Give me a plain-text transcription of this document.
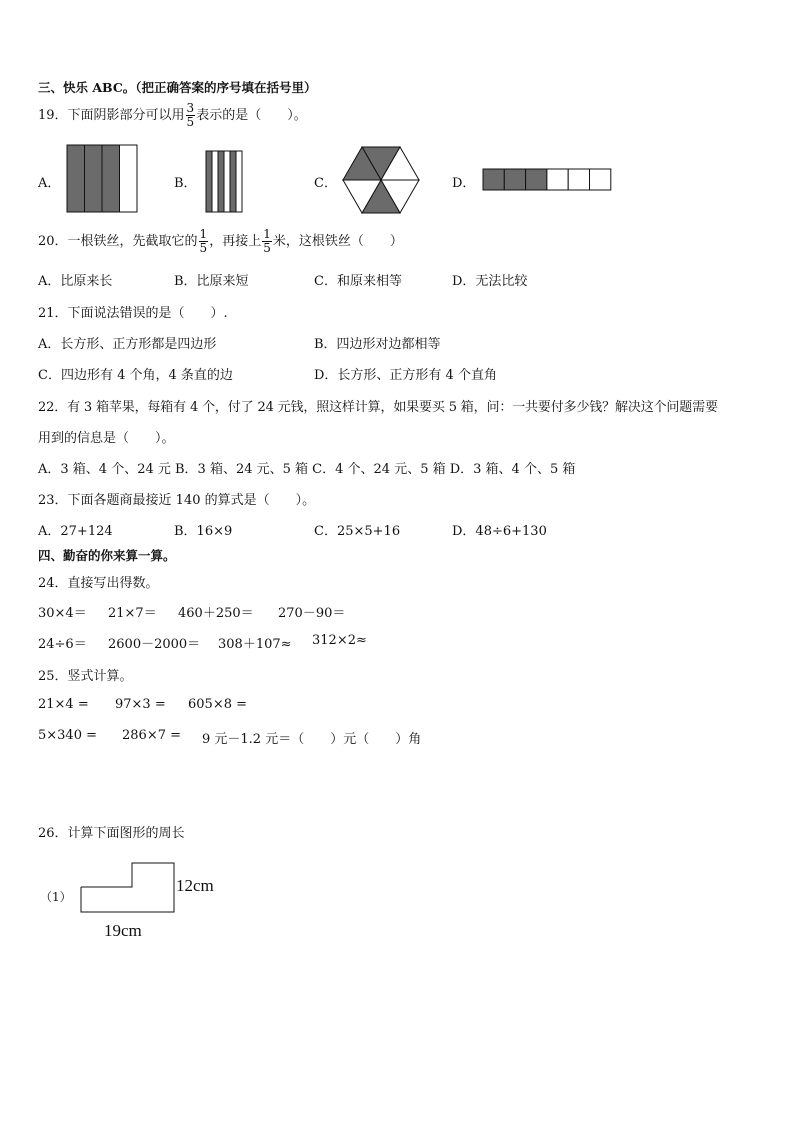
三、快乐 ABC。（把正确答案的序号填在括号里）
19．下面阴影部分可以用 $\frac{3}{5}$ 表示的是（　　）。
A．	B．	C．	D．
20．一根铁丝，先截取它的 $\frac{1}{5}$ ，再接上 $\frac{1}{5}$ 米，这根铁丝（　　）
A．比原来长	B．比原来短	C．和原来相等	D．无法比较
21．下面说法错误的是（　　）.
A．长方形、正方形都是四边形	B．四边形对边都相等
C．四边形有 4 个角，4 条直的边	D．长方形、正方形有 4 个直角
22．有 3 箱苹果，每箱有 4 个，付了 24 元钱，照这样计算，如果要买 5 箱，问：一共要付多少钱？解决这个问题需要
用到的信息是（　　）。
A．3 箱、4 个、24 元 B．3 箱、24 元、5 箱 C．4 个、24 元、5 箱 D．3 箱、4 个、5 箱
23．下面各题商最接近 140 的算式是（　　）。
A．27+124	B．16×9	C．25×5+16	D．48÷6+130
四、勤奋的你来算一算。
24．直接写出得数。
30×4＝ 21×7＝ 460＋250＝ 270－90＝
24÷6＝ 2600－2000＝ 308＋107≈ 312×2≈
25．竖式计算。
21×4 = 97×3 = 605×8 =
5×340 = 286×7 = 9 元－1.2 元＝（　　）元（　　）角
26．计算下面图形的周长
（1）
12cm
19cm
